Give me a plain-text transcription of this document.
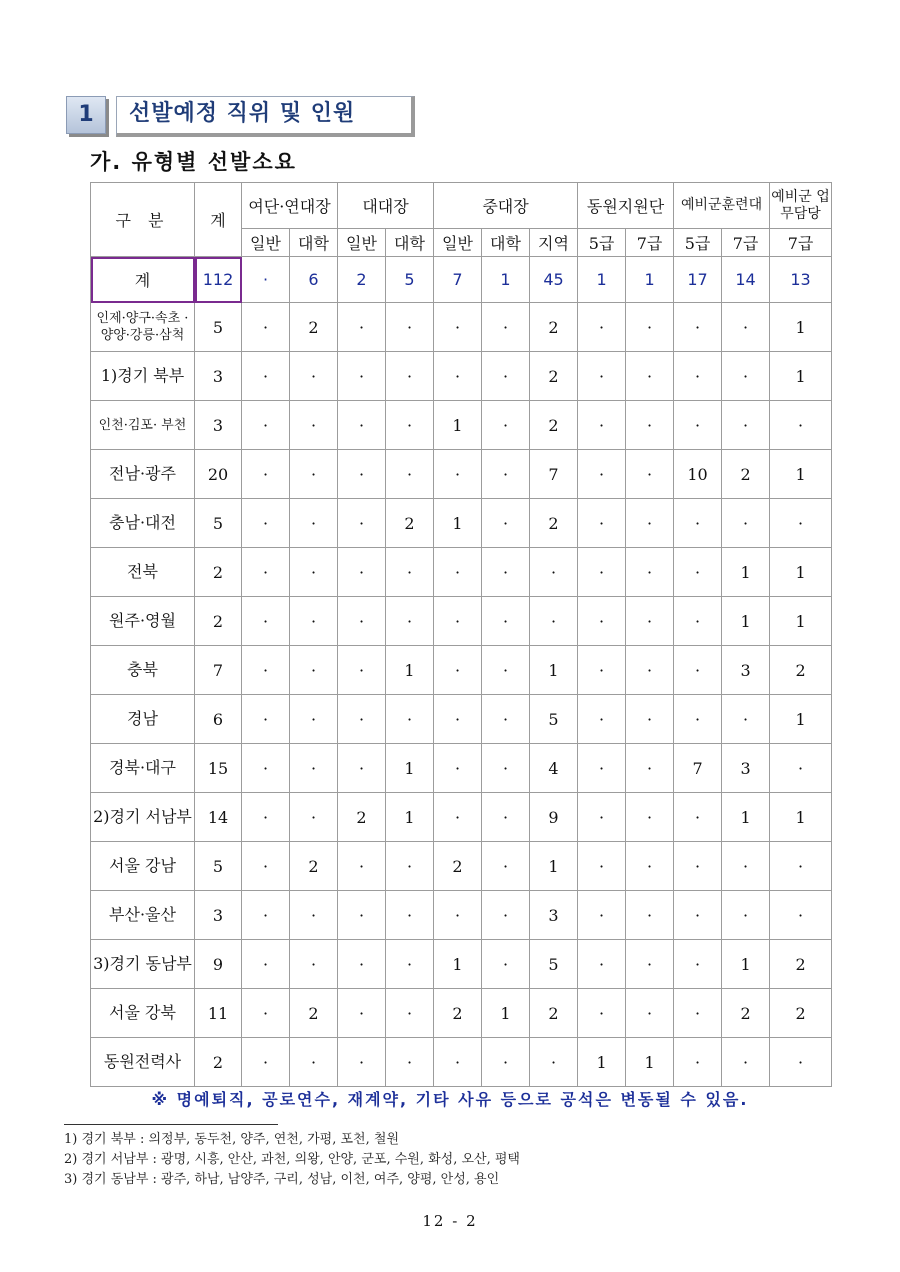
1	선발예정 직위 및 인원
가. 유형별 선발소요
구 분	계	여단·연대장		대대장		중대장			동원지원단		예비군훈련대		예비군 업무담당
		일반	대학	일반	대학	일반	대학	지역	5급	7급	5급	7급	7급
계	112	·	6	2	5	7	1	45	1	1	17	14	13
인제·양구·속초 ·양양·강릉·삼척	5	·	2	·	·	·	·	2	·	·	·	·	1
1)경기 북부	3	·	·	·	·	·	·	2	·	·	·	·	1
인천·김포· 부천	3	·	·	·	·	1	·	2	·	·	·	·	·
전남·광주	20	·	·	·	·	·	·	7	·	·	10	2	1
충남·대전	5	·	·	·	2	1	·	2	·	·	·	·	·
전북	2	·	·	·	·	·	·	·	·	·	·	1	1
원주·영월	2	·	·	·	·	·	·	·	·	·	·	1	1
충북	7	·	·	·	1	·	·	1	·	·	·	3	2
경남	6	·	·	·	·	·	·	5	·	·	·	·	1
경북·대구	15	·	·	·	1	·	·	4	·	·	7	3	·
2)경기 서남부	14	·	·	2	1	·	·	9	·	·	·	1	1
서울 강남	5	·	2	·	·	2	·	1	·	·	·	·	·
부산·울산	3	·	·	·	·	·	·	3	·	·	·	·	·
3)경기 동남부	9	·	·	·	·	1	·	5	·	·	·	1	2
서울 강북	11	·	2	·	·	2	1	2	·	·	·	2	2
동원전력사	2	·	·	·	·	·	·	·	1	1	·	·	·
※ 명예퇴직, 공로연수, 재계약, 기타 사유 등으로 공석은 변동될 수 있음.
1) 경기 북부 : 의정부, 동두천, 양주, 연천, 가평, 포천, 철원
2) 경기 서남부 : 광명, 시흥, 안산, 과천, 의왕, 안양, 군포, 수원, 화성, 오산, 평택
3) 경기 동남부 : 광주, 하남, 남양주, 구리, 성남, 이천, 여주, 양평, 안성, 용인
12 - 2
